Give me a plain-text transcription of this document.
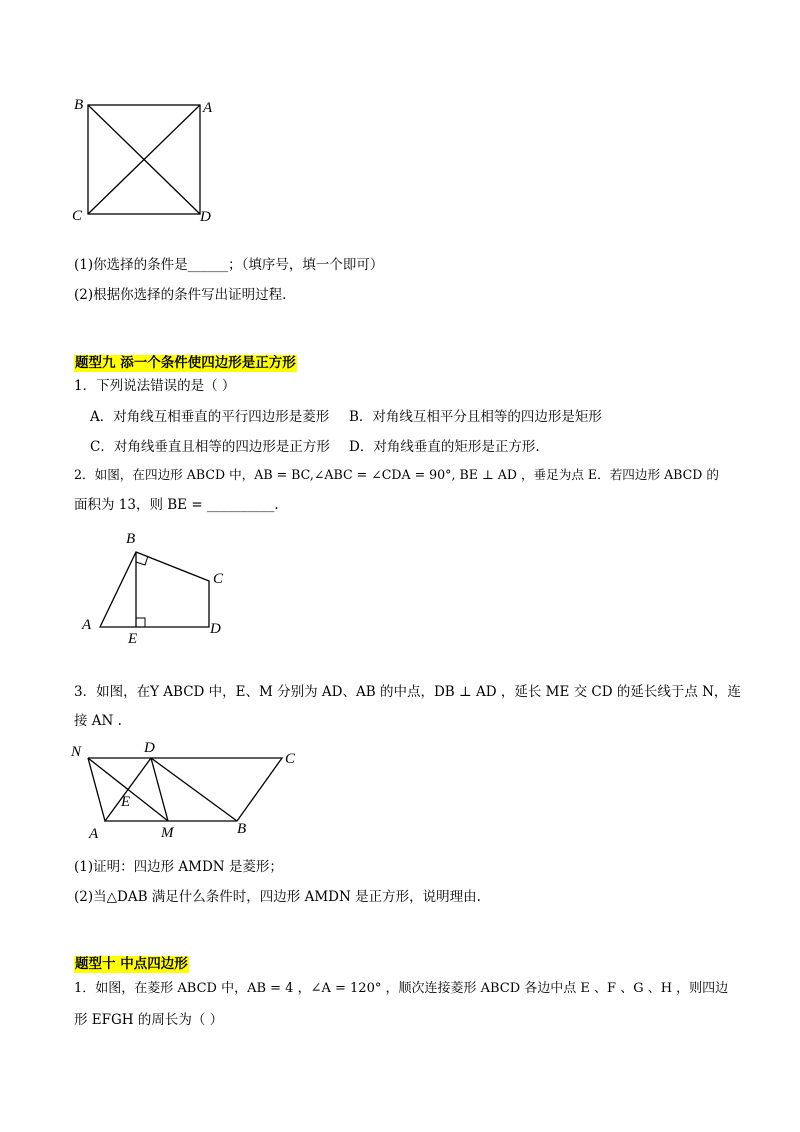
B	A
C	D
(1)你选择的条件是______；（填序号，填一个即可）
(2)根据你选择的条件写出证明过程.
题型九 添一个条件使四边形是正方形
1．下列说法错误的是（ ）
A．对角线互相垂直的平行四边形是菱形 B．对角线互相平分且相等的四边形是矩形
C．对角线垂直且相等的四边形是正方形 D．对角线垂直的矩形是正方形.
2．如图，在四边形 ABCD 中，AB = BC,∠ABC = ∠CDA = 90°, BE ⊥ AD ，垂足为点 E．若四边形 ABCD 的
面积为 13，则 BE = __________.
B
C
A
E
D
3．如图，在Y ABCD 中，E、M 分别为 AD、AB 的中点，DB ⊥ AD ，延长 ME 交 CD 的延长线于点 N，连
接 AN .
N	D
C
E
A	M	B
(1)证明：四边形 AMDN 是菱形；
(2)当△DAB 满足什么条件时，四边形 AMDN 是正方形，说明理由.
题型十 中点四边形
1．如图，在菱形 ABCD 中，AB = 4 ，∠A = 120° ，顺次连接菱形 ABCD 各边中点 E 、F 、G 、H ，则四边
形 EFGH 的周长为（ ）
